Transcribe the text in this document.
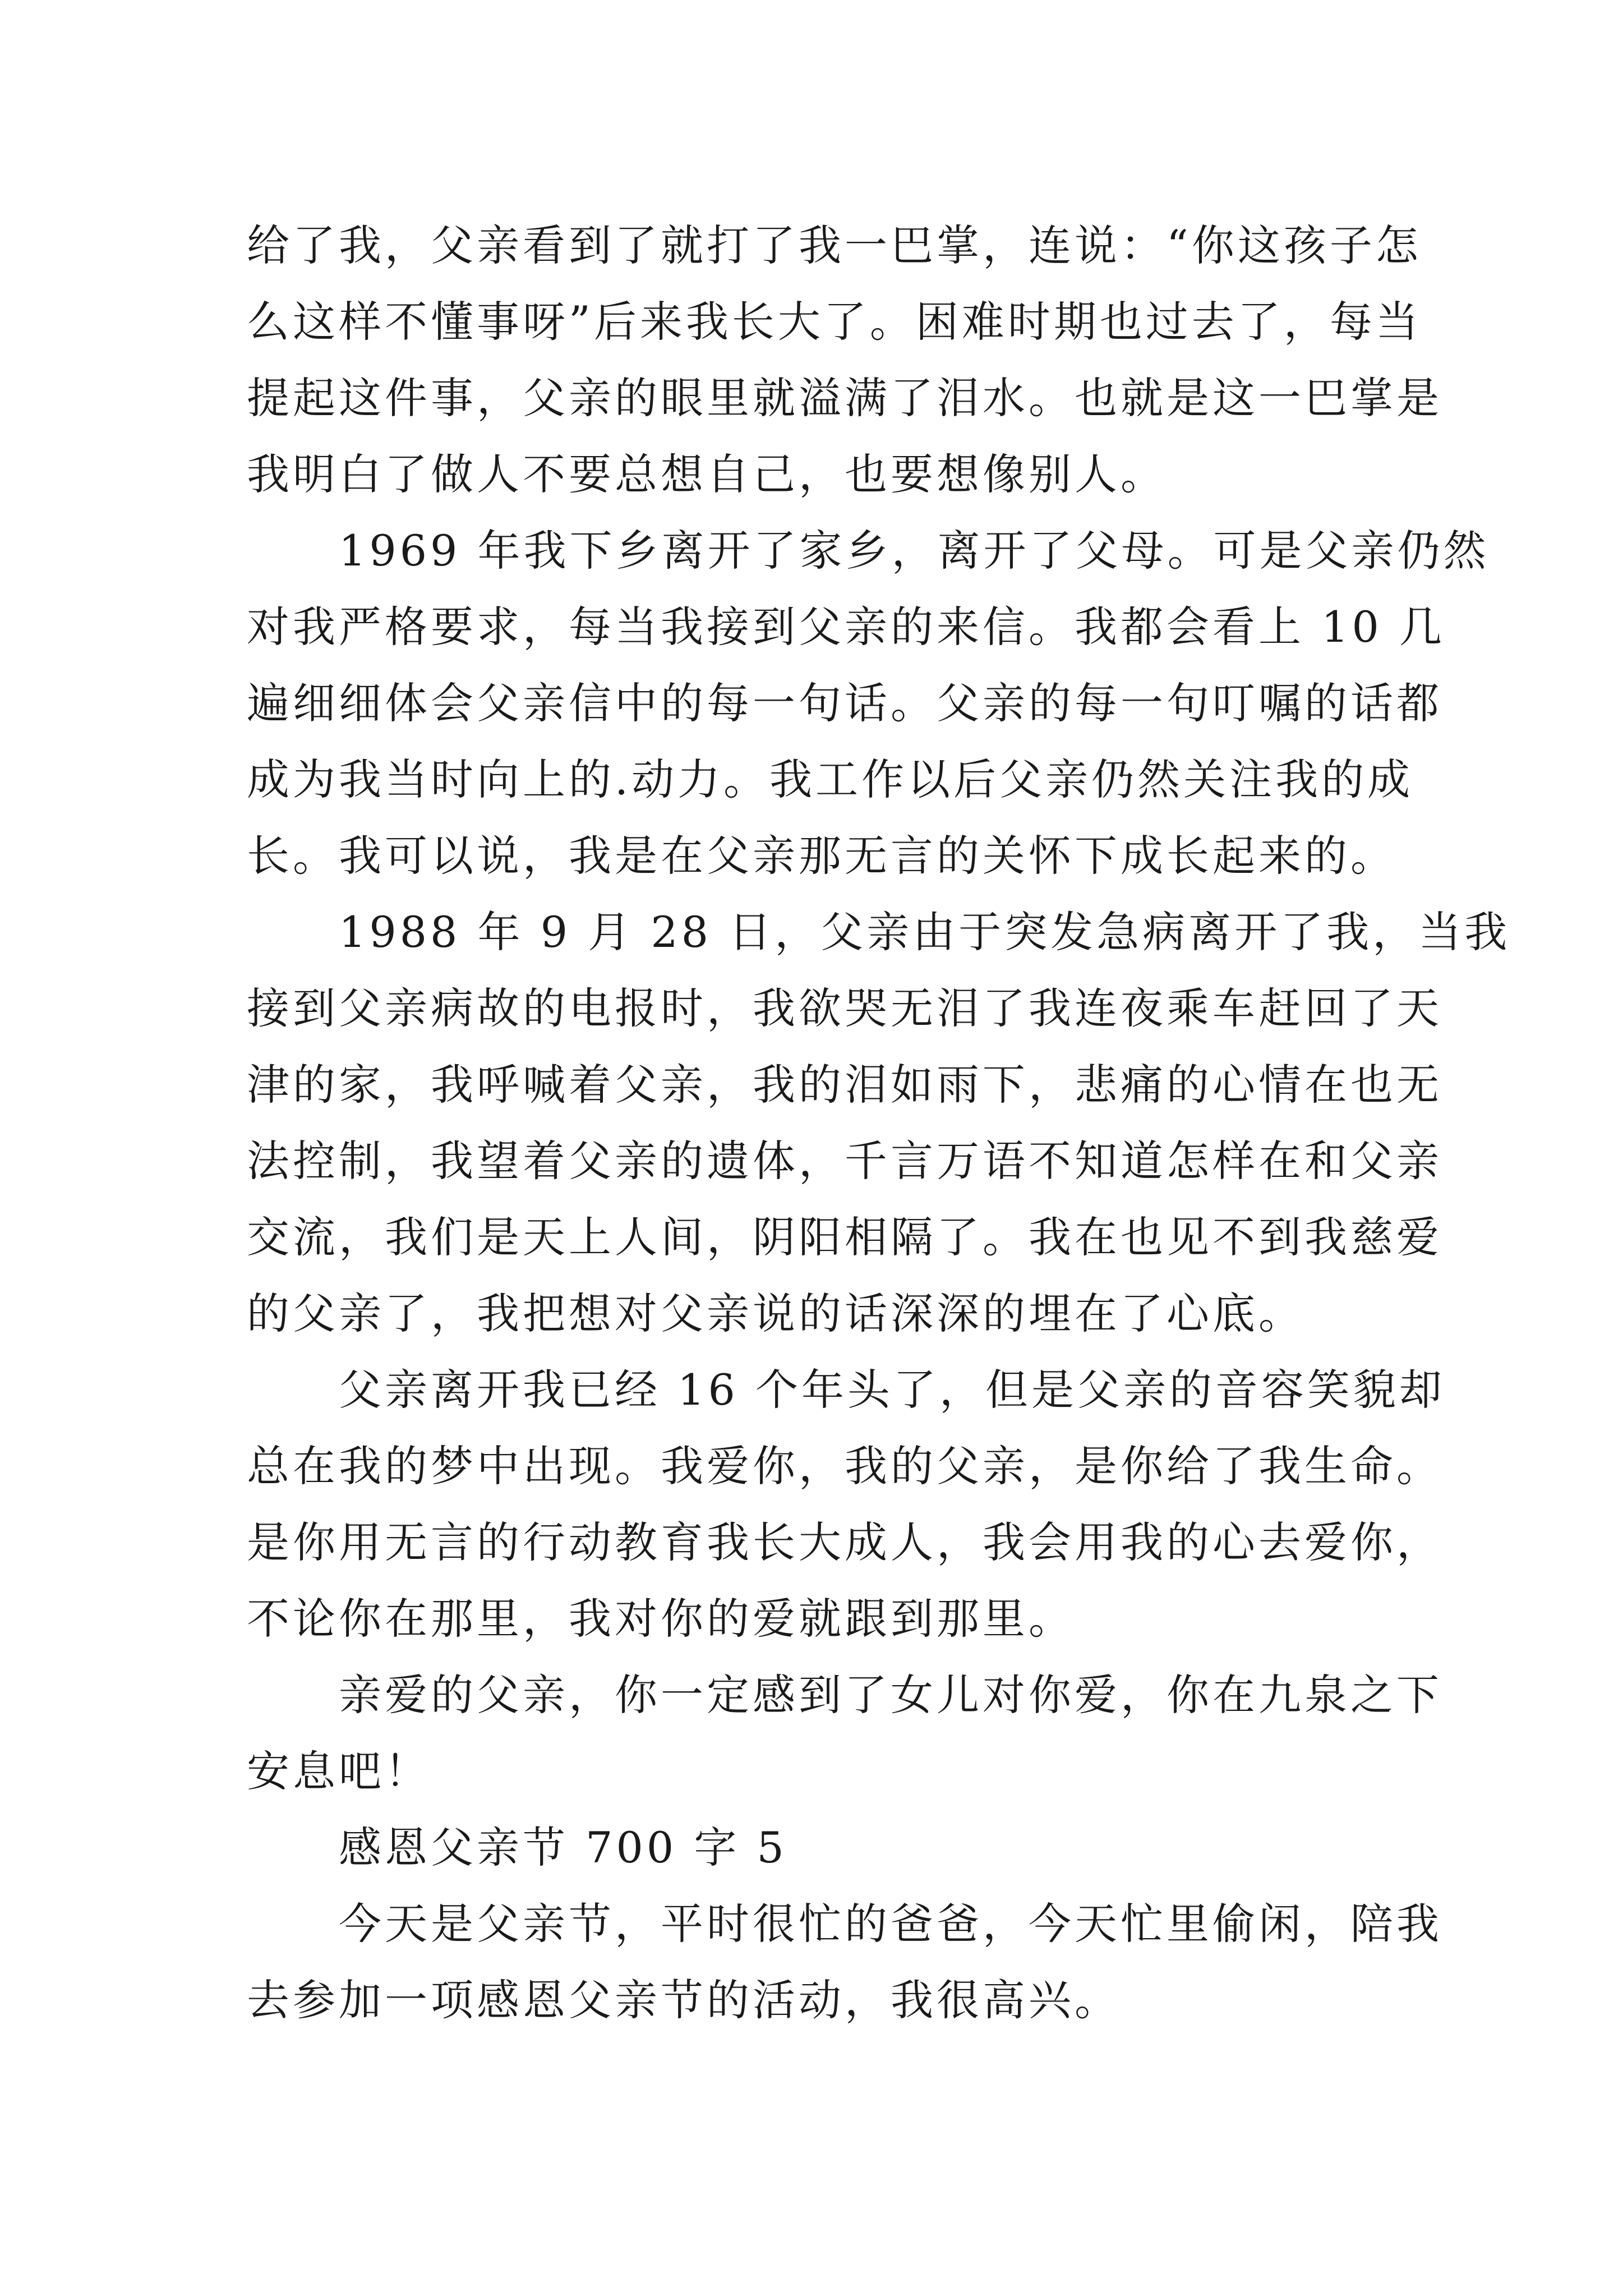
给了我，父亲看到了就打了我一巴掌，连说：“你这孩子怎
么这样不懂事呀”后来我长大了。困难时期也过去了，每当
提起这件事，父亲的眼里就溢满了泪水。也就是这一巴掌是
我明白了做人不要总想自己，也要想像别人。
　　1969 年我下乡离开了家乡，离开了父母。可是父亲仍然
对我严格要求，每当我接到父亲的来信。我都会看上 10 几
遍细细体会父亲信中的每一句话。父亲的每一句叮嘱的话都
成为我当时向上的.动力。我工作以后父亲仍然关注我的成
长。我可以说，我是在父亲那无言的关怀下成长起来的。
　　1988 年 9 月 28 日，父亲由于突发急病离开了我，当我
接到父亲病故的电报时，我欲哭无泪了我连夜乘车赶回了天
津的家，我呼喊着父亲，我的泪如雨下，悲痛的心情在也无
法控制，我望着父亲的遗体，千言万语不知道怎样在和父亲
交流，我们是天上人间，阴阳相隔了。我在也见不到我慈爱
的父亲了，我把想对父亲说的话深深的埋在了心底。
　　父亲离开我已经 16 个年头了，但是父亲的音容笑貌却
总在我的梦中出现。我爱你，我的父亲，是你给了我生命。
是你用无言的行动教育我长大成人，我会用我的心去爱你，
不论你在那里，我对你的爱就跟到那里。
　　亲爱的父亲，你一定感到了女儿对你爱，你在九泉之下
安息吧！
　　感恩父亲节 700 字 5
　　今天是父亲节，平时很忙的爸爸，今天忙里偷闲，陪我
去参加一项感恩父亲节的活动，我很高兴。
